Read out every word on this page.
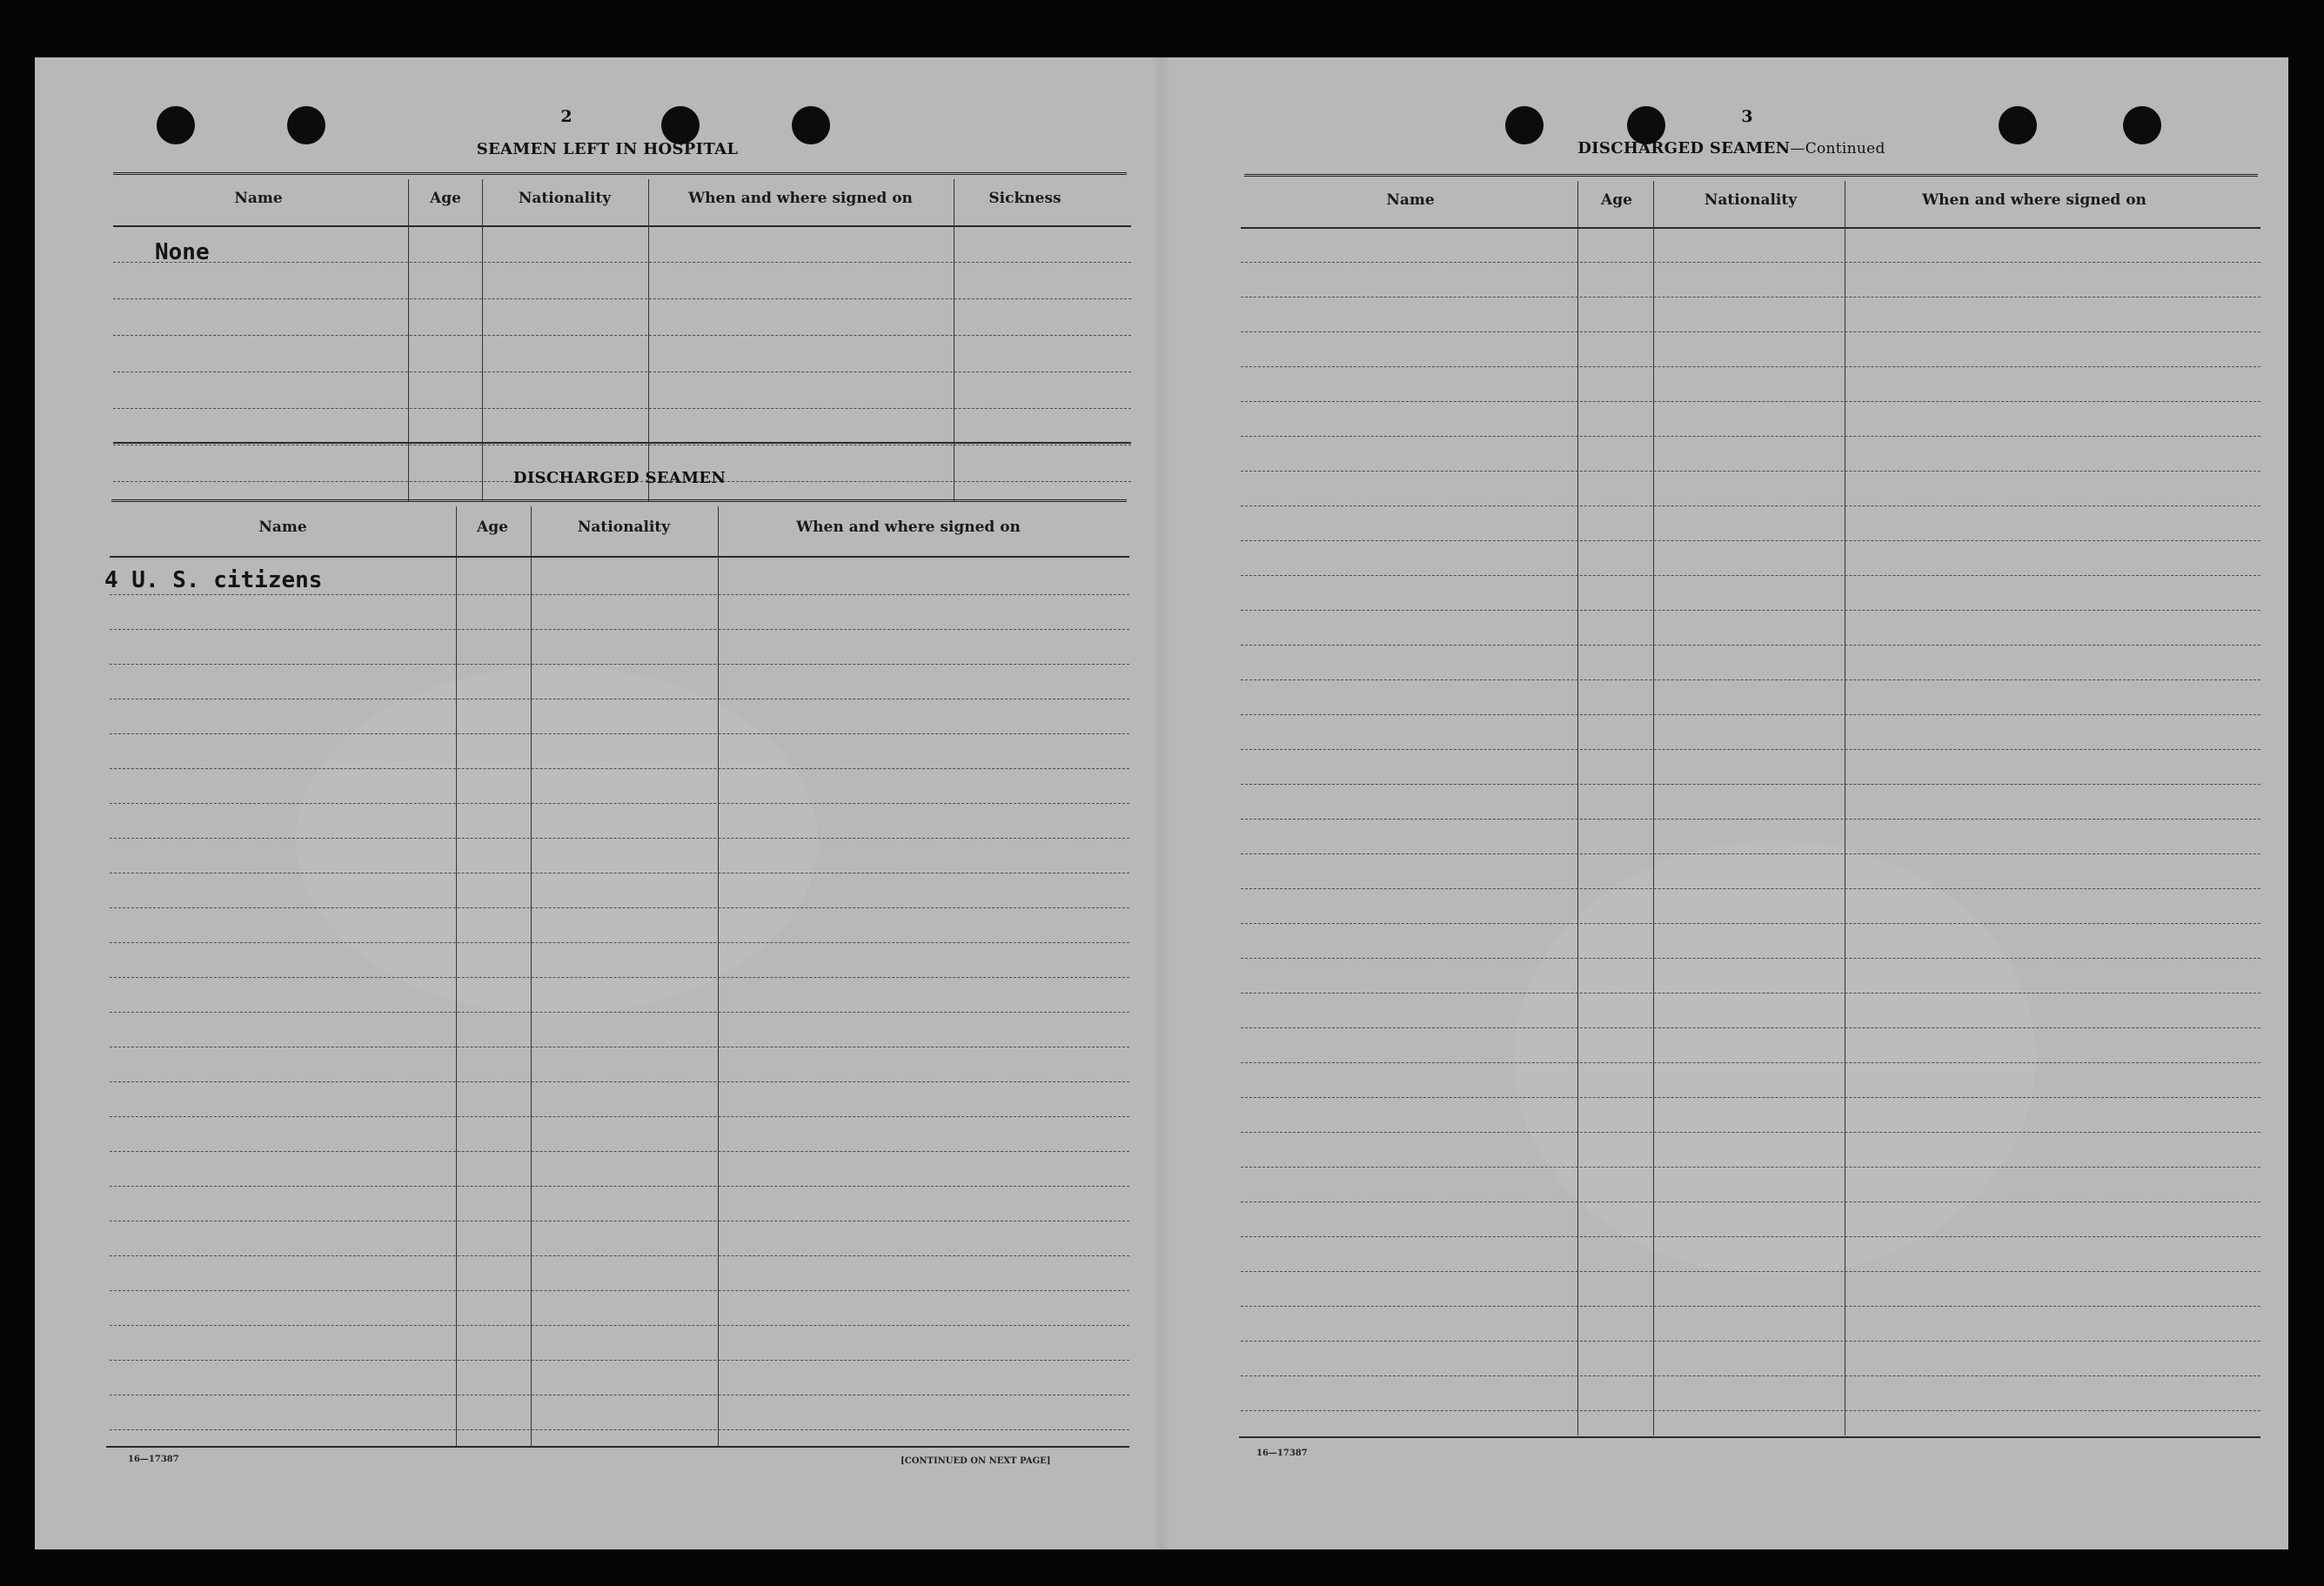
2
SEAMEN LEFT IN HOSPITAL
Name	Age	Nationality	When and where signed on	Sickness
None
DISCHARGED SEAMEN
Name	Age	Nationality	When and where signed on
4 U. S. citizens
16—17387	[CONTINUED ON NEXT PAGE]
3
DISCHARGED SEAMEN—Continued
Name	Age	Nationality	When and where signed on
16—17387
